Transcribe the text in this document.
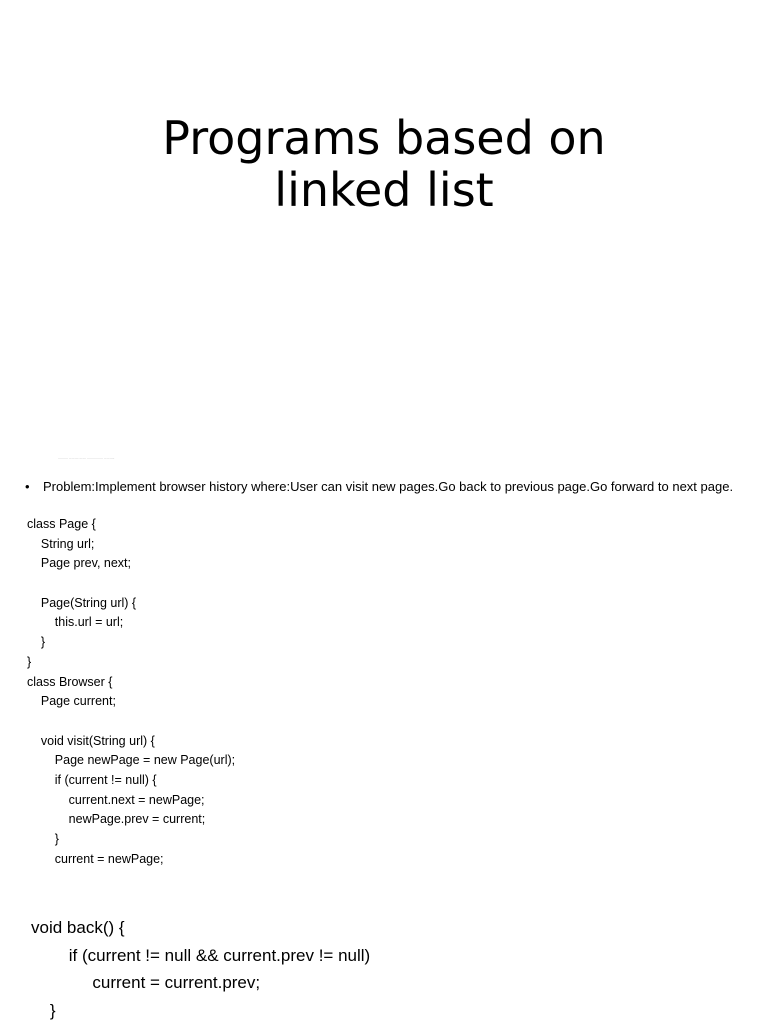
Programs based on
linked list
………. ………. ……. ……………. ………..
• Problem:Implement browser history where:User can visit new pages.Go back to previous page.Go forward to next page.
class Page {
String url;
Page prev, next;
Page(String url) {
this.url = url;
}
}
class Browser {
Page current;
void visit(String url) {
Page newPage = new Page(url);
if (current != null) {
current.next = newPage;
newPage.prev = current;
}
current = newPage;
void back() {
if (current != null && current.prev != null)
current = current.prev;
}
